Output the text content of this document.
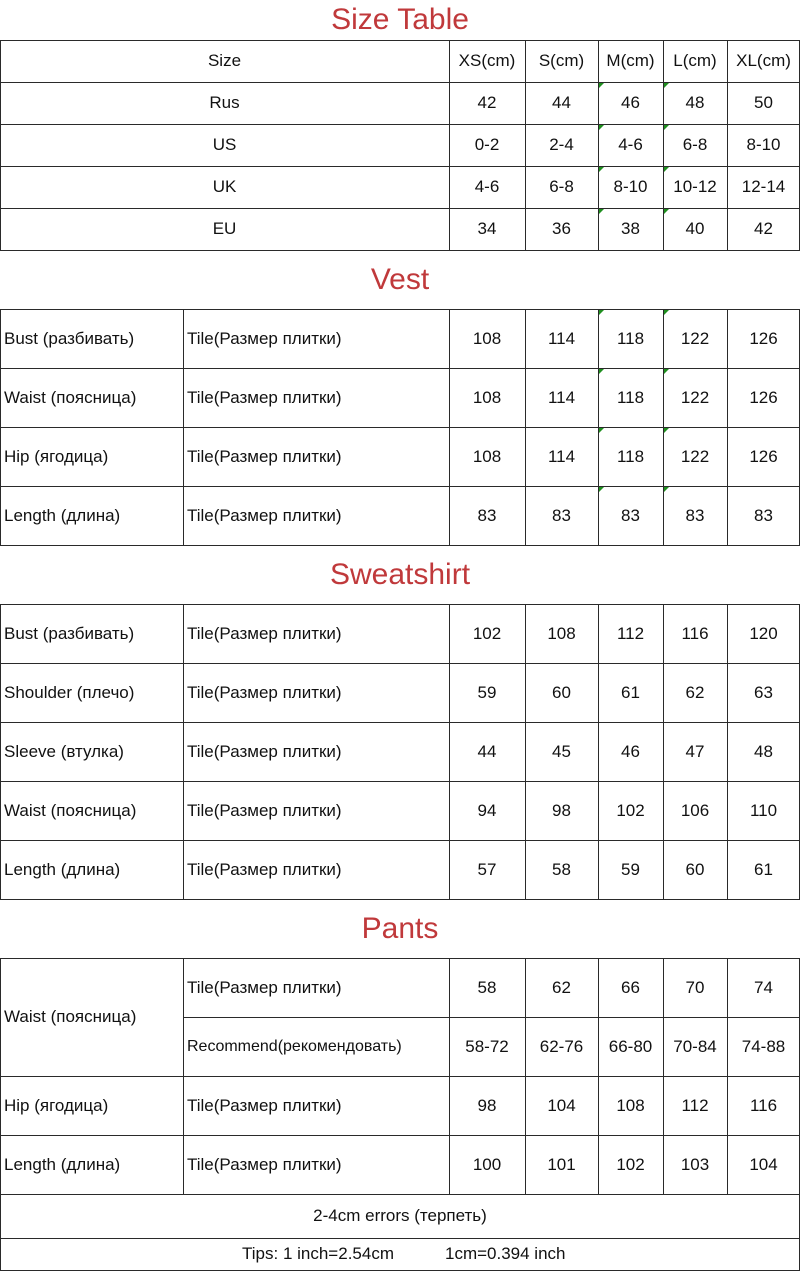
Size Table
Size	XS(cm)	S(cm)	M(cm)	L(cm)	XL(cm)
Rus	42	44	46	48	50
US	0-2	2-4	4-6	6-8	8-10
UK	4-6	6-8	8-10	10-12	12-14
EU	34	36	38	40	42
Vest
Bust (разбивать)	Tile(Размер плитки)	108	114	118	122	126
Waist (поясница)	Tile(Размер плитки)	108	114	118	122	126
Hip (ягодица)	Tile(Размер плитки)	108	114	118	122	126
Length (длина)	Tile(Размер плитки)	83	83	83	83	83
Sweatshirt
Bust (разбивать)	Tile(Размер плитки)	102	108	112	116	120
Shoulder (плечо)	Tile(Размер плитки)	59	60	61	62	63
Sleeve (втулка)	Tile(Размер плитки)	44	45	46	47	48
Waist (поясница)	Tile(Размер плитки)	94	98	102	106	110
Length (длина)	Tile(Размер плитки)	57	58	59	60	61
Pants
Waist (поясница)
Tile(Размер плитки)	58	62	66	70	74
Recommend(рекомендовать)	58-72	62-76	66-80	70-84	74-88
Hip (ягодица)	Tile(Размер плитки)	98	104	108	112	116
Length (длина)	Tile(Размер плитки)	100	101	102	103	104
2-4cm errors (терпеть)
Tips: 1 inch=2.54cm	1cm=0.394 inch
